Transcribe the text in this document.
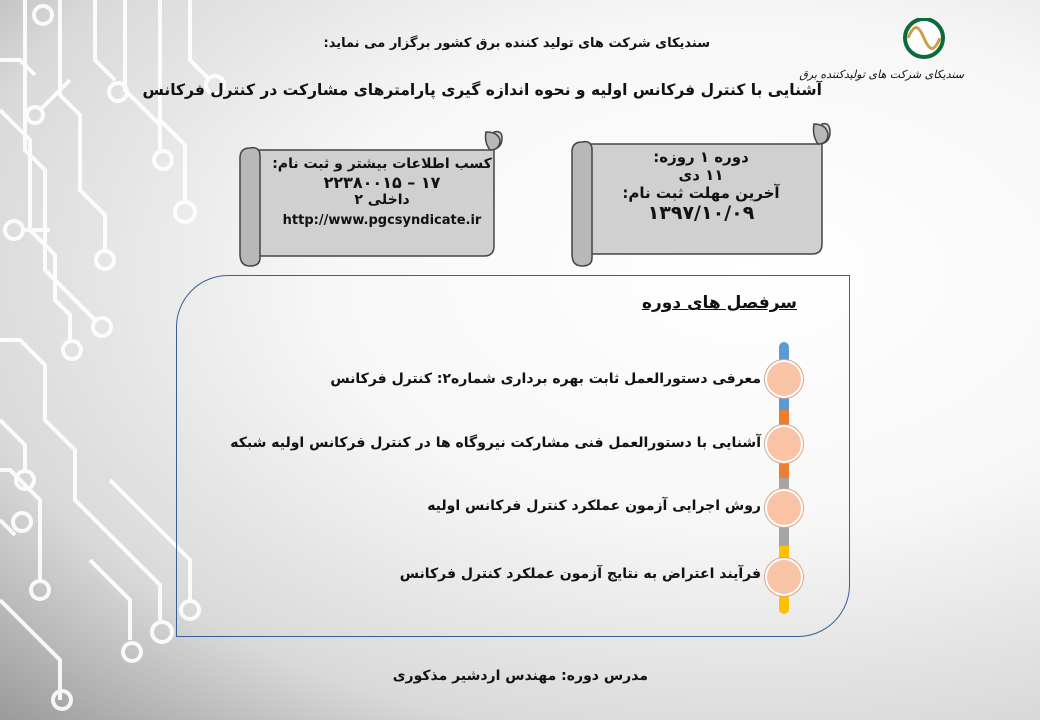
سندیکای شرکت های تولید کننده برق کشور برگزار می نماید:
آشنایی با کنترل فرکانس اولیه و نحوه اندازه گیری پارامترهای مشارکت در کنترل فرکانس
سندیکای شرکت های تولیدکننده برق
دوره ۱ روزه:
۱۱ دی
آخرین مهلت ثبت نام:
۱۳۹۷/۱۰/۰۹
کسب اطلاعات بیشتر و ثبت نام:
۱۷ – ۲۲۳۸۰۰۱۵
داخلی ۲
http://www.pgcsyndicate.ir
سرفصل های دوره
معرفی دستورالعمل ثابت بهره برداری شماره۲: کنترل فرکانس
آشنایی با دستورالعمل فنی مشارکت نیروگاه ها در کنترل فرکانس اولیه شبکه
روش اجرایی آزمون عملکرد کنترل فرکانس اولیه
فرآیند اعتراض به نتایج آزمون عملکرد کنترل فرکانس
مدرس دوره: مهندس اردشیر مذکوری
